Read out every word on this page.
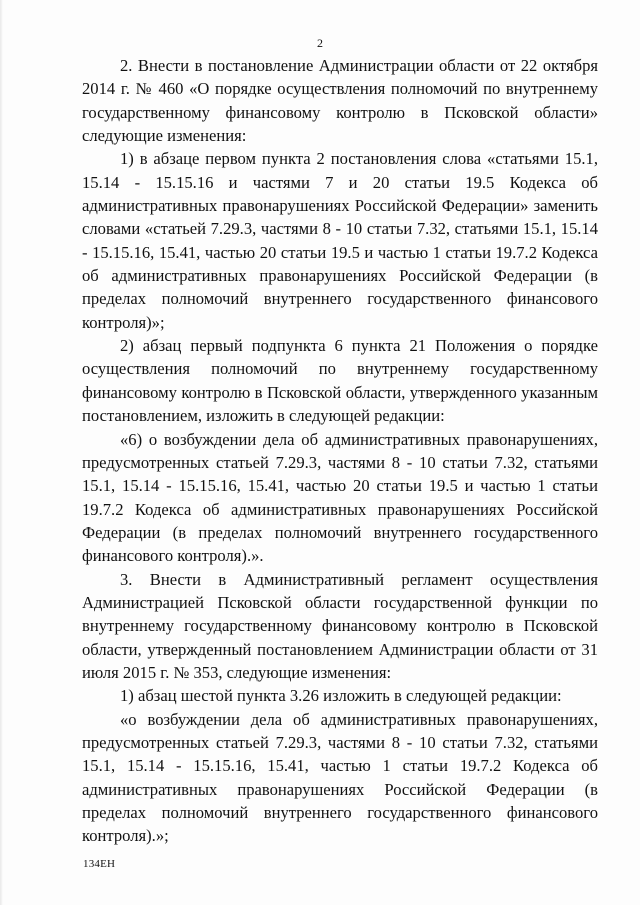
2

2. Внести в постановление Администрации области от 22 октября 2014 г. № 460 «О порядке осуществления полномочий по внутреннему государственному финансовому контролю в Псковской области» следующие изменения:

1) в абзаце первом пункта 2 постановления слова «статьями 15.1, 15.14 - 15.15.16 и частями 7 и 20 статьи 19.5 Кодекса об административных правонарушениях Российской Федерации» заменить словами «статьей 7.29.3, частями 8 - 10 статьи 7.32, статьями 15.1, 15.14 - 15.15.16, 15.41, частью 20 статьи 19.5 и частью 1 статьи 19.7.2 Кодекса об административных правонарушениях Российской Федерации (в пределах полномочий внутреннего государственного финансового контроля)»;

2) абзац первый подпункта 6 пункта 21 Положения о порядке осуществления полномочий по внутреннему государственному финансовому контролю в Псковской области, утвержденного указанным постановлением, изложить в следующей редакции:

«6) о возбуждении дела об административных правонарушениях, предусмотренных статьей 7.29.3, частями 8 - 10 статьи 7.32, статьями 15.1, 15.14 - 15.15.16, 15.41, частью 20 статьи 19.5 и частью 1 статьи 19.7.2 Кодекса об административных правонарушениях Российской Федерации (в пределах полномочий внутреннего государственного финансового контроля).».

3. Внести в Административный регламент осуществления Администрацией Псковской области государственной функции по внутреннему государственному финансовому контролю в Псковской области, утвержденный постановлением Администрации области от 31 июля 2015 г. № 353, следующие изменения:

1) абзац шестой пункта 3.26 изложить в следующей редакции:

«о возбуждении дела об административных правонарушениях, предусмотренных статьей 7.29.3, частями 8 - 10 статьи 7.32, статьями 15.1, 15.14 - 15.15.16, 15.41, частью 1 статьи 19.7.2 Кодекса об административных правонарушениях Российской Федерации (в пределах полномочий внутреннего государственного финансового контроля).»;

134ЕН
